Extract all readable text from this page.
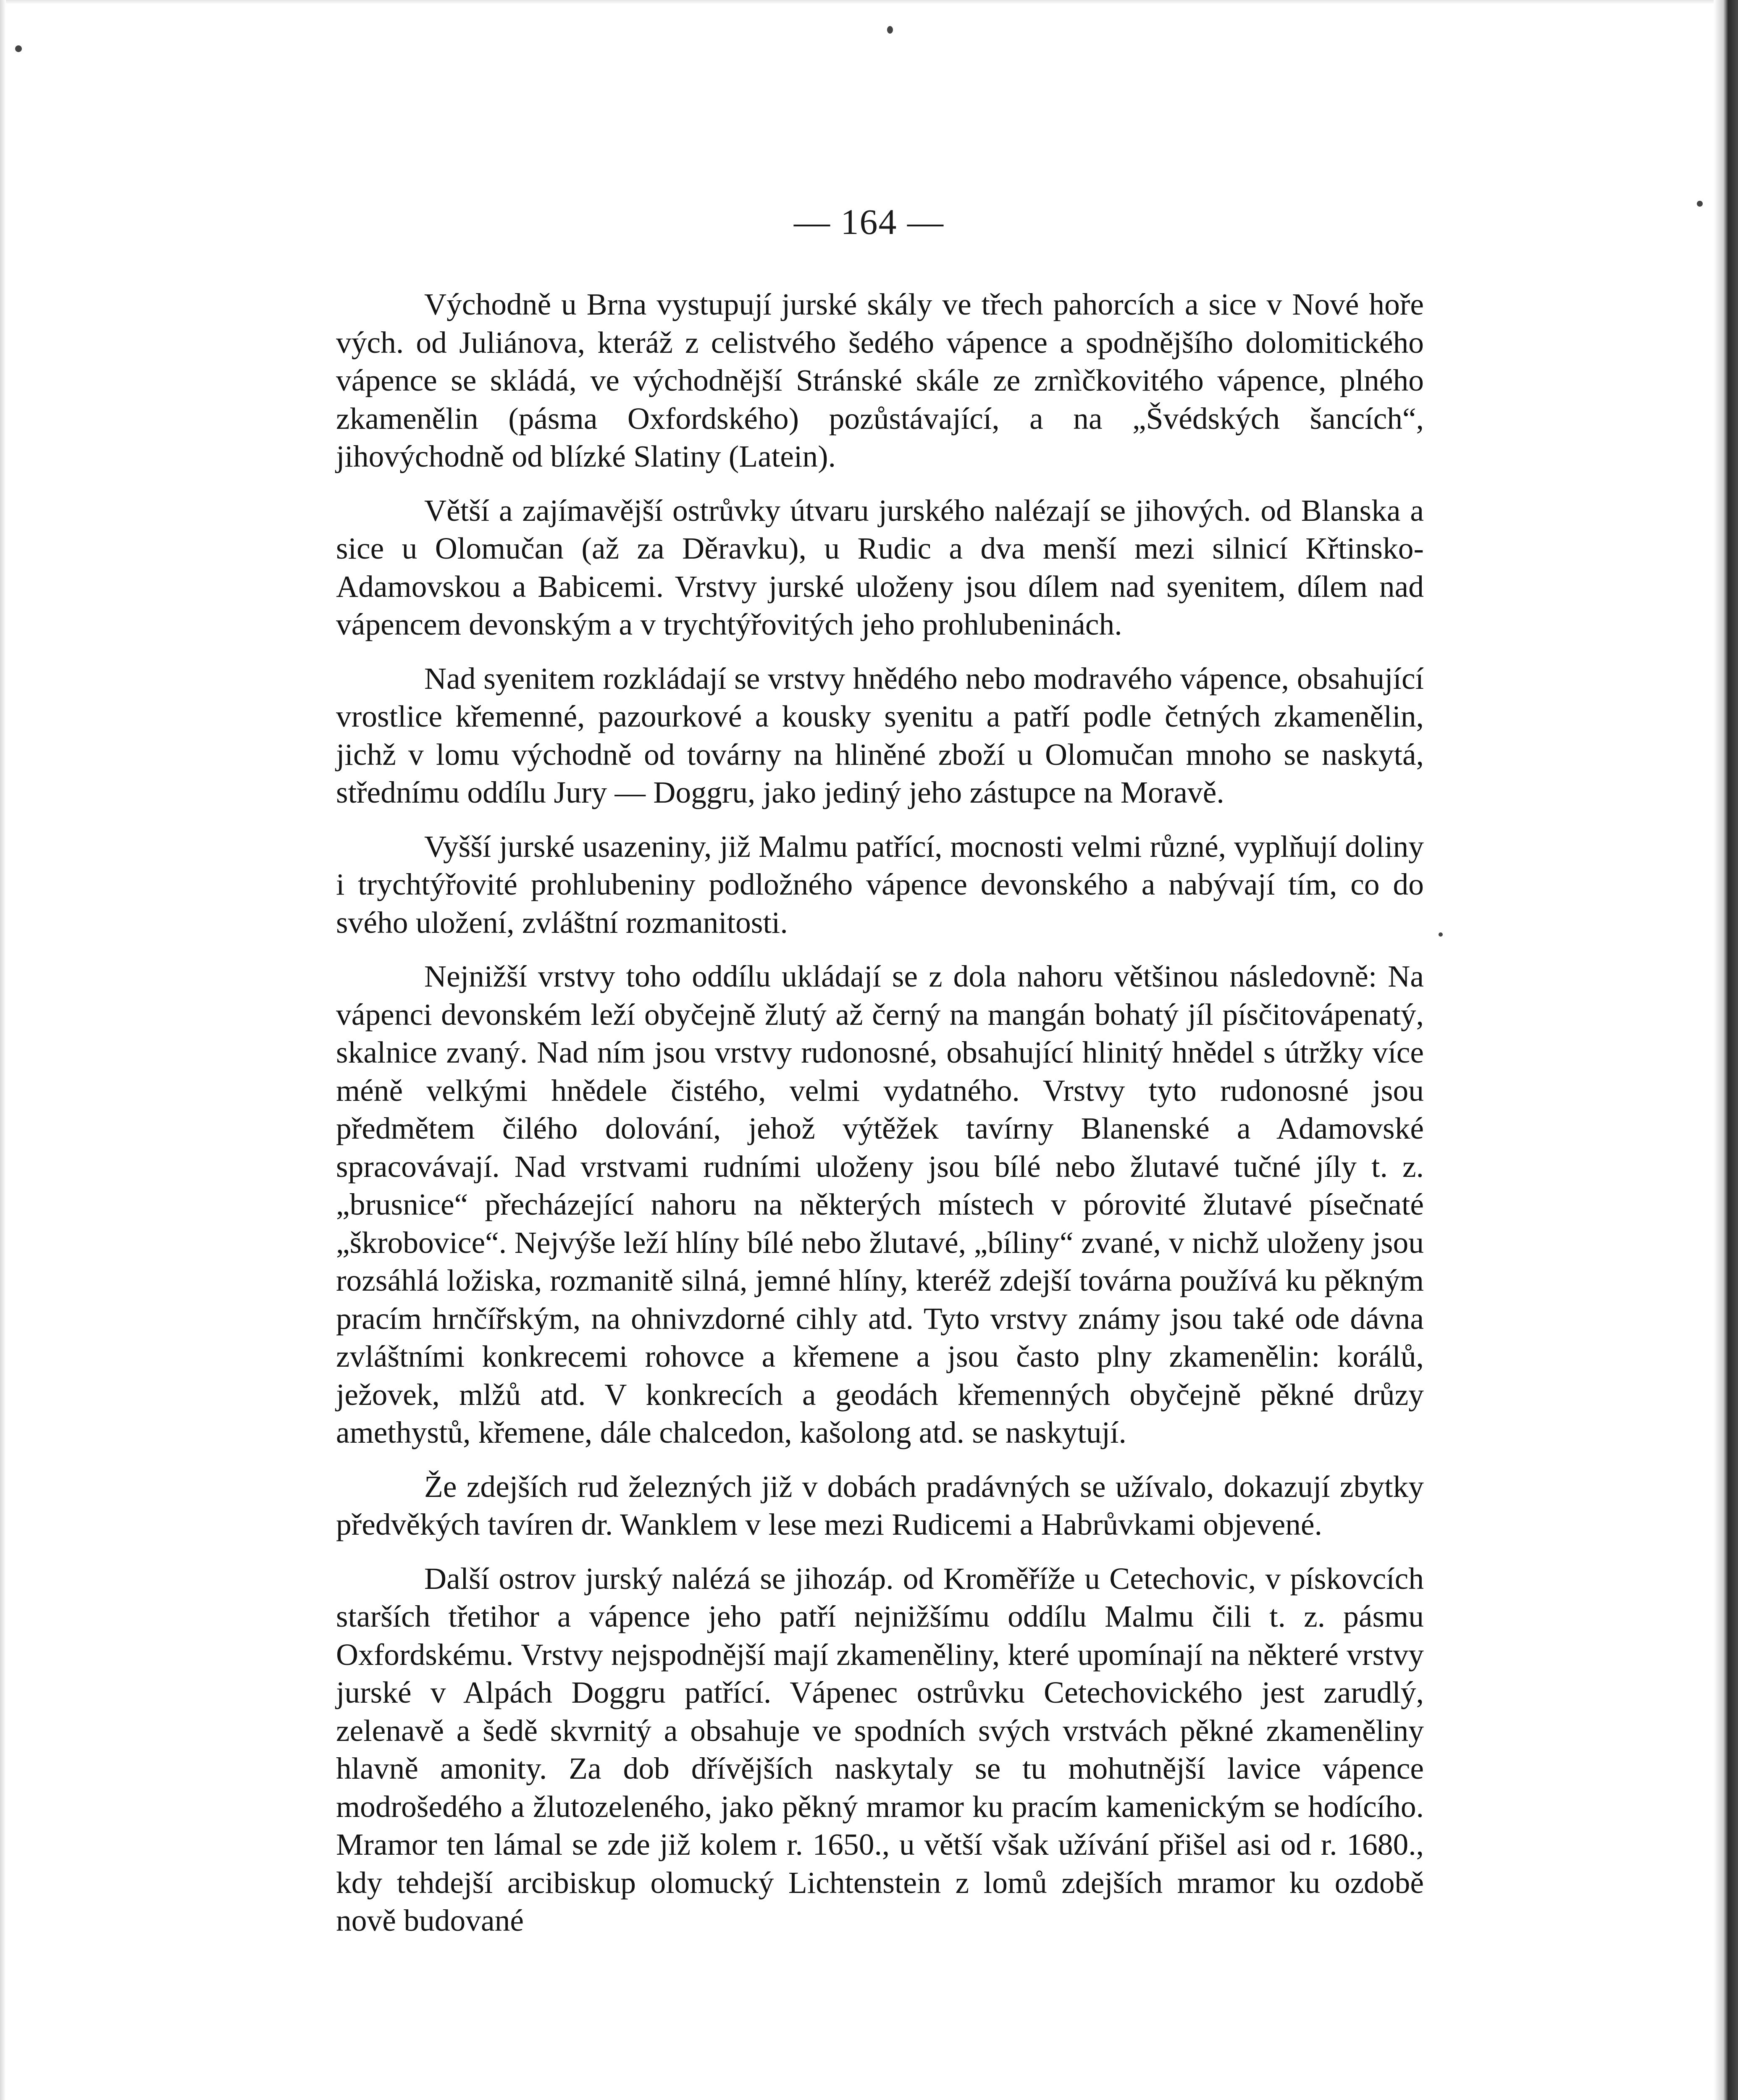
— 164 —

Východně u Brna vystupují jurské skály ve třech pahorcích a sice v Nové hoře vých. od Juliánova, kteráž z celistvého šedého vápence a spodnějšího dolomitického vápence se skládá, ve východnější Stránské skále ze zrnìčkovitého vápence, plného zkamenělin (pásma Oxfordského) pozůstávající, a na „Švédských šancích“, jihovýchodně od blízké Slatiny (Latein).

Větší a zajímavější ostrůvky útvaru jurského nalézají se jihových. od Blanska a sice u Olomučan (až za Děravku), u Rudic a dva menší mezi silnicí Křtinsko-Adamovskou a Babicemi. Vrstvy jurské uloženy jsou dílem nad syenitem, dílem nad vápencem devonským a v trychtýřovitých jeho prohlubeninách.

Nad syenitem rozkládají se vrstvy hnědého nebo modravého vápence, obsahující vrostlice křemenné, pazourkové a kousky syenitu a patří podle četných zkamenělin, jichž v lomu východně od továrny na hliněné zboží u Olomučan mnoho se naskytá, střednímu oddílu Jury — Doggru, jako jediný jeho zástupce na Moravě.

Vyšší jurské usazeniny, již Malmu patřící, mocnosti velmi různé, vyplňují doliny i trychtýřovité prohlubeniny podložného vápence devonského a nabývají tím, co do svého uložení, zvláštní rozmanitosti.

Nejnižší vrstvy toho oddílu ukládají se z dola nahoru většinou následovně: Na vápenci devonském leží obyčejně žlutý až černý na mangán bohatý jíl písčitovápenatý, skalnice zvaný. Nad ním jsou vrstvy rudonosné, obsahující hlinitý hnědel s útržky více méně velkými hnědele čistého, velmi vydatného. Vrstvy tyto rudonosné jsou předmětem čilého dolování, jehož výtěžek tavírny Blanenské a Adamovské spracovávají. Nad vrstvami rudními uloženy jsou bílé nebo žlutavé tučné jíly t. z. „brusnice“ přecházející nahoru na některých místech v pórovité žlutavé písečnaté „škrobovice“. Nejvýše leží hlíny bílé nebo žlutavé, „bíliny“ zvané, v nichž uloženy jsou rozsáhlá ložiska, rozmanitě silná, jemné hlíny, kteréž zdejší továrna používá ku pěkným pracím hrnčířským, na ohnivzdorné cihly atd. Tyto vrstvy známy jsou také ode dávna zvláštními konkrecemi rohovce a křemene a jsou často plny zkamenělin: korálů, ježovek, mlžů atd. V konkrecích a geodách křemenných obyčejně pěkné drůzy amethystů, křemene, dále chalcedon, kašolong atd. se naskytují.

Že zdejších rud železných již v dobách pradávných se užívalo, dokazují zbytky předvěkých tavíren dr. Wanklem v lese mezi Rudicemi a Habrůvkami objevené.

Další ostrov jurský nalézá se jihozáp. od Kroměříže u Cetechovic, v pískovcích starších třetihor a vápence jeho patří nejnižšímu oddílu Malmu čili t. z. pásmu Oxfordskému. Vrstvy nejspodnější mají zkameněliny, které upomínají na některé vrstvy jurské v Alpách Doggru patřící. Vápenec ostrůvku Cetechovického jest zarudlý, zelenavě a šedě skvrnitý a obsahuje ve spodních svých vrstvách pěkné zkameněliny hlavně amonity. Za dob dřívějších naskytaly se tu mohutnější lavice vápence modrošedého a žlutozeleného, jako pěkný mramor ku pracím kamenickým se hodícího. Mramor ten lámal se zde již kolem r. 1650., u větší však užívání přišel asi od r. 1680., kdy tehdejší arcibiskup olomucký Lichtenstein z lomů zdejších mramor ku ozdobě nově budované
